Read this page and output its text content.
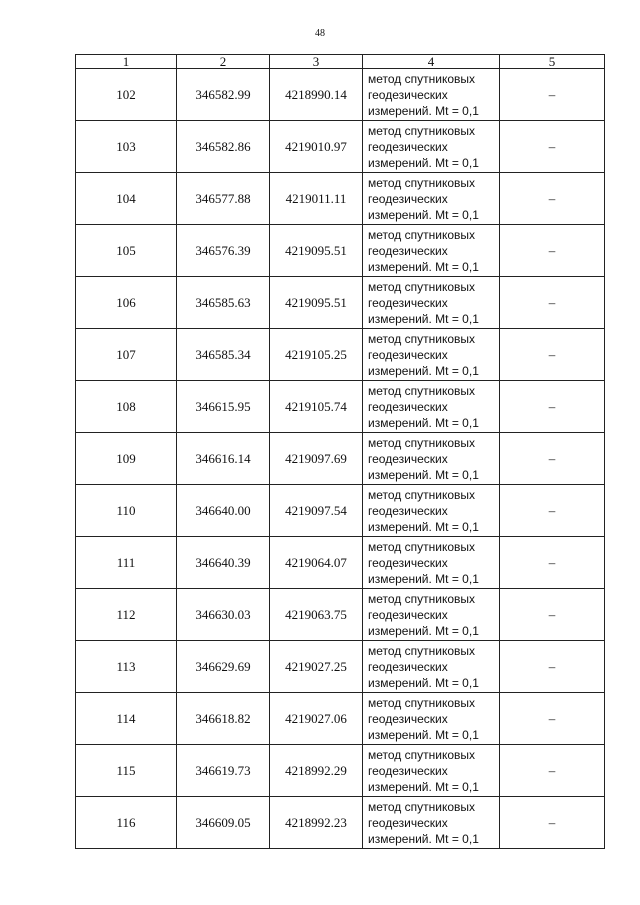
48
1	2	3	4	5
102	346582.99	4218990.14	метод спутниковых
геодезических
измерений. Mt = 0,1	–
103	346582.86	4219010.97	метод спутниковых
геодезических
измерений. Mt = 0,1	–
104	346577.88	4219011.11	метод спутниковых
геодезических
измерений. Mt = 0,1	–
105	346576.39	4219095.51	метод спутниковых
геодезических
измерений. Mt = 0,1	–
106	346585.63	4219095.51	метод спутниковых
геодезических
измерений. Mt = 0,1	–
107	346585.34	4219105.25	метод спутниковых
геодезических
измерений. Mt = 0,1	–
108	346615.95	4219105.74	метод спутниковых
геодезических
измерений. Mt = 0,1	–
109	346616.14	4219097.69	метод спутниковых
геодезических
измерений. Mt = 0,1	–
110	346640.00	4219097.54	метод спутниковых
геодезических
измерений. Mt = 0,1	–
111	346640.39	4219064.07	метод спутниковых
геодезических
измерений. Mt = 0,1	–
112	346630.03	4219063.75	метод спутниковых
геодезических
измерений. Mt = 0,1	–
113	346629.69	4219027.25	метод спутниковых
геодезических
измерений. Mt = 0,1	–
114	346618.82	4219027.06	метод спутниковых
геодезических
измерений. Mt = 0,1	–
115	346619.73	4218992.29	метод спутниковых
геодезических
измерений. Mt = 0,1	–
116	346609.05	4218992.23	метод спутниковых
геодезических
измерений. Mt = 0,1	–
